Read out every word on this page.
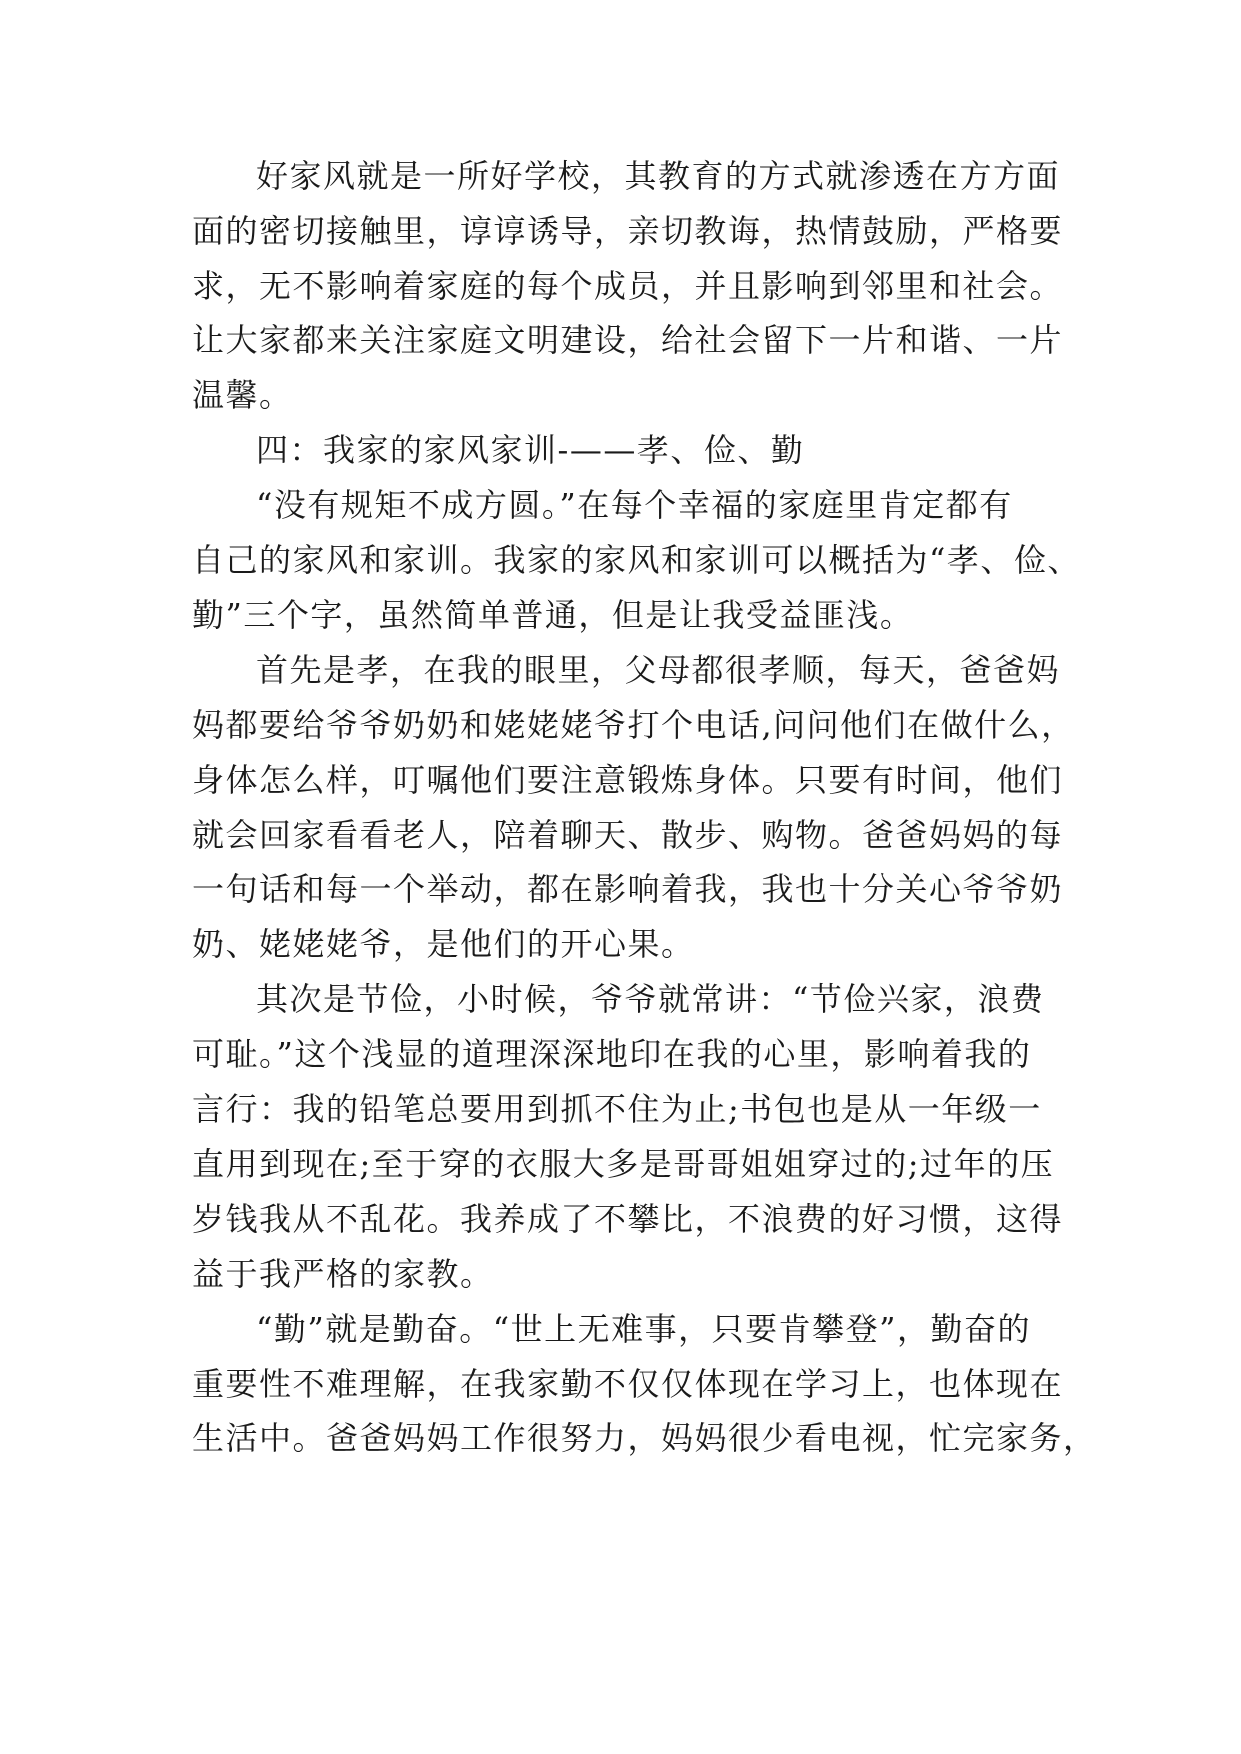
好家风就是一所好学校，其教育的方式就渗透在方方面
面的密切接触里，谆谆诱导，亲切教诲，热情鼓励，严格要
求，无不影响着家庭的每个成员，并且影响到邻里和社会。
让大家都来关注家庭文明建设，给社会留下一片和谐、一片
温馨。
四：我家的家风家训-——孝、俭、勤
“没有规矩不成方圆。”在每个幸福的家庭里肯定都有
自己的家风和家训。我家的家风和家训可以概括为“孝、俭、
勤”三个字，虽然简单普通，但是让我受益匪浅。
首先是孝，在我的眼里，父母都很孝顺，每天，爸爸妈
妈都要给爷爷奶奶和姥姥姥爷打个电话,问问他们在做什么，
身体怎么样，叮嘱他们要注意锻炼身体。只要有时间，他们
就会回家看看老人，陪着聊天、散步、购物。爸爸妈妈的每
一句话和每一个举动，都在影响着我，我也十分关心爷爷奶
奶、姥姥姥爷，是他们的开心果。
其次是节俭，小时候，爷爷就常讲：“节俭兴家，浪费
可耻。”这个浅显的道理深深地印在我的心里，影响着我的
言行：我的铅笔总要用到抓不住为止;书包也是从一年级一
直用到现在;至于穿的衣服大多是哥哥姐姐穿过的;过年的压
岁钱我从不乱花。我养成了不攀比，不浪费的好习惯，这得
益于我严格的家教。
“勤”就是勤奋。“世上无难事，只要肯攀登”，勤奋的
重要性不难理解，在我家勤不仅仅体现在学习上，也体现在
生活中。爸爸妈妈工作很努力，妈妈很少看电视，忙完家务，
